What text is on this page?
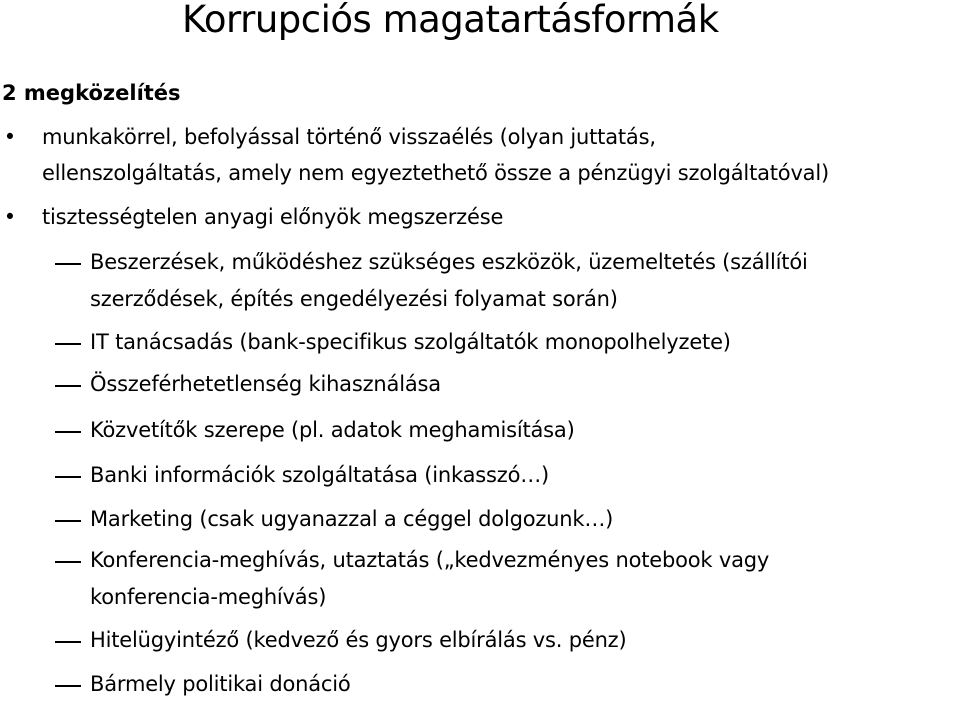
Korrupciós magatartásformák
2 megközelítés
• munkakörrel, befolyással történő visszaélés (olyan juttatás,
ellenszolgáltatás, amely nem egyeztethető össze a pénzügyi szolgáltatóval)
• tisztességtelen anyagi előnyök megszerzése
Beszerzések, működéshez szükséges eszközök, üzemeltetés (szállítói
szerződések, építés engedélyezési folyamat során)
IT tanácsadás (bank-specifikus szolgáltatók monopolhelyzete)
Összeférhetetlenség kihasználása
Közvetítők szerepe (pl. adatok meghamisítása)
Banki információk szolgáltatása (inkasszó…)
Marketing (csak ugyanazzal a céggel dolgozunk…)
Konferencia-meghívás, utaztatás („kedvezményes notebook vagy
konferencia-meghívás)
Hitelügyintéző (kedvező és gyors elbírálás vs. pénz)
Bármely politikai donáció
